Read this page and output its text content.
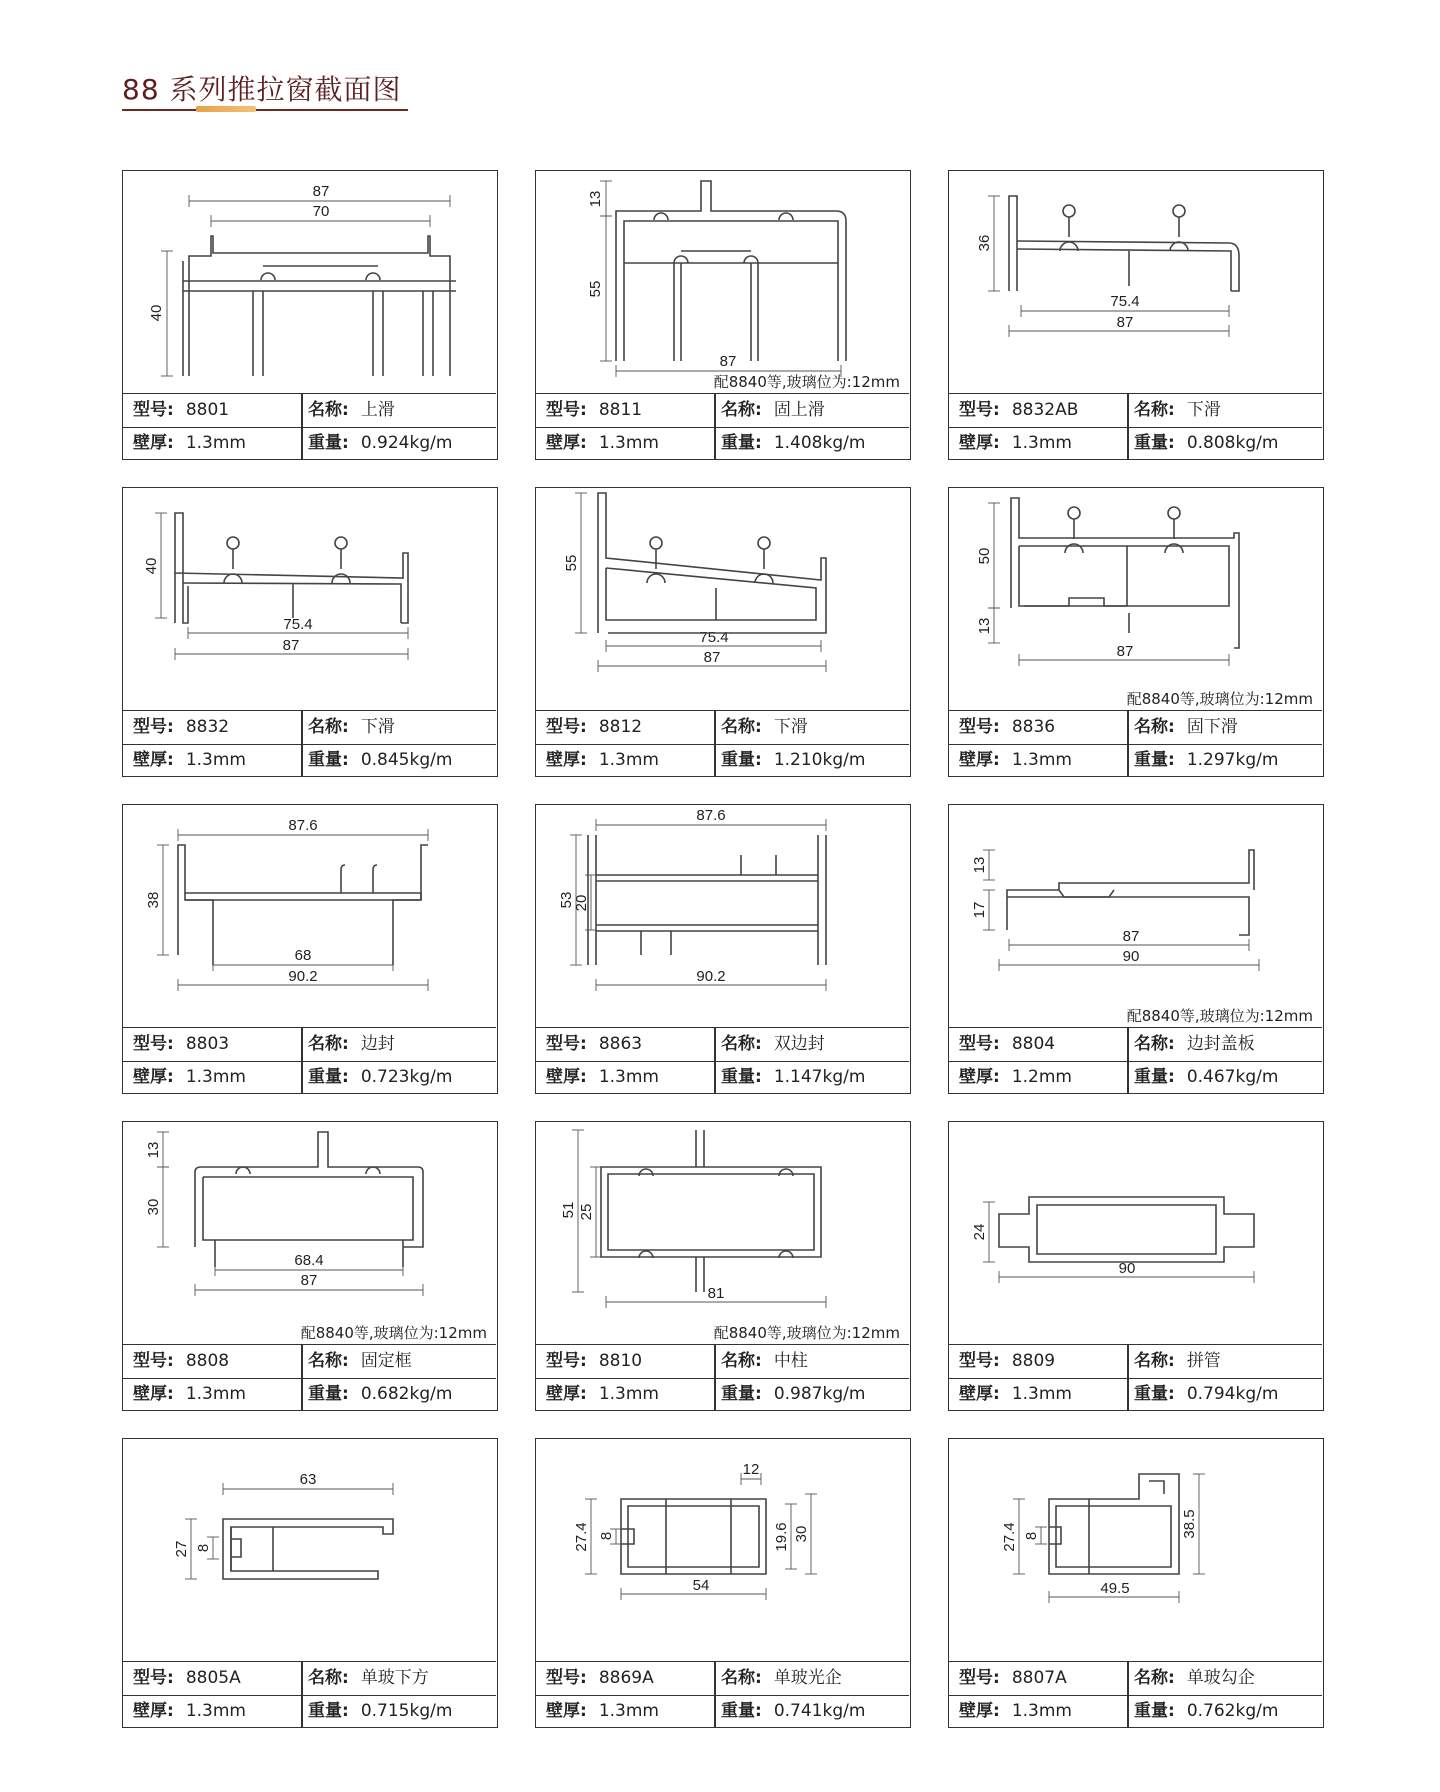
88 系列推拉窗截面图
87
70
40
型号: 8801	名称: 上滑
壁厚: 1.3mm	重量: 0.924kg/m
13
55
87
配8840等,玻璃位为:12mm
型号: 8811	名称: 固上滑
壁厚: 1.3mm	重量: 1.408kg/m
36
75.4
87
型号: 8832AB	名称: 下滑
壁厚: 1.3mm	重量: 0.808kg/m
40
75.4
87
型号: 8832	名称: 下滑
壁厚: 1.3mm	重量: 0.845kg/m
55
75.4
87
型号: 8812	名称: 下滑
壁厚: 1.3mm	重量: 1.210kg/m
50
13
87
配8840等,玻璃位为:12mm
型号: 8836	名称: 固下滑
壁厚: 1.3mm	重量: 1.297kg/m
87.6
38
68
90.2
型号: 8803	名称: 边封
壁厚: 1.3mm	重量: 0.723kg/m
87.6
53
20
90.2
型号: 8863	名称: 双边封
壁厚: 1.3mm	重量: 1.147kg/m
13
17
87
90
配8840等,玻璃位为:12mm
型号: 8804	名称: 边封盖板
壁厚: 1.2mm	重量: 0.467kg/m
13
30
68.4
87
配8840等,玻璃位为:12mm
型号: 8808	名称: 固定框
壁厚: 1.3mm	重量: 0.682kg/m
51 25
81
配8840等,玻璃位为:12mm
型号: 8810	名称: 中柱
壁厚: 1.3mm	重量: 0.987kg/m
24
90
型号: 8809	名称: 拼管
壁厚: 1.3mm	重量: 0.794kg/m
63
27 8
型号: 8805A	名称: 单玻下方
壁厚: 1.3mm	重量: 0.715kg/m
12
27.4 8	19.6 30
54
型号: 8869A	名称: 单玻光企
壁厚: 1.3mm	重量: 0.741kg/m
27.4 8	38.5
49.5
型号: 8807A	名称: 单玻勾企
壁厚: 1.3mm	重量: 0.762kg/m
